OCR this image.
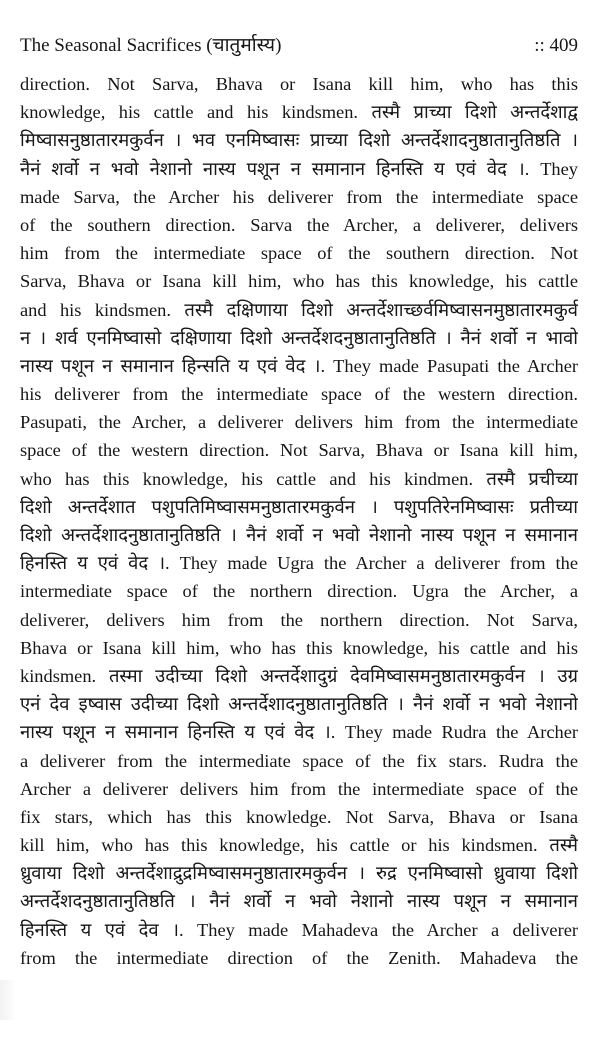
The Seasonal Sacrifices (चातुर्मास्य)	:: 409
direction. Not Sarva, Bhava or Isana kill him, who has this
knowledge, his cattle and his kindsmen. तस्मै प्राच्या दिशो अन्तर्देशाद्व
मिष्वासनुष्ठातारमकुर्वन । भव एनमिष्वासः प्राच्या दिशो अन्तर्देशादनुष्ठातानुतिष्ठति ।
नैनं शर्वो न भवो नेशानो नास्य पशून न समानान हिनस्ति य एवं वेद ।. They
made Sarva, the Archer his deliverer from the intermediate space
of the southern direction. Sarva the Archer, a deliverer, delivers
him from the intermediate space of the southern direction. Not
Sarva, Bhava or Isana kill him, who has this knowledge, his cattle
and his kindsmen. तस्मै दक्षिणाया दिशो अन्तर्देशाच्छर्वमिष्वासनमुष्ठातारमकुर्व
न । शर्व एनमिष्वासो दक्षिणाया दिशो अन्तर्देशदनुष्ठातानुतिष्ठति । नैनं शर्वो न भावो
नास्य पशून न समानान हिन्सति य एवं वेद ।. They made Pasupati the Archer
his deliverer from the intermediate space of the western direction.
Pasupati, the Archer, a deliverer delivers him from the intermediate
space of the western direction. Not Sarva, Bhava or Isana kill him,
who has this knowledge, his cattle and his kindmen. तस्मै प्रचीच्या
दिशो अन्तर्देशात पशुपतिमिष्वासमनुष्ठातारमकुर्वन । पशुपतिरेनमिष्वासः प्रतीच्या
दिशो अन्तर्देशादनुष्ठातानुतिष्ठति । नैनं शर्वो न भवो नेशानो नास्य पशून न समानान
हिनस्ति य एवं वेद ।. They made Ugra the Archer a deliverer from the
intermediate space of the northern direction. Ugra the Archer, a
deliverer, delivers him from the northern direction. Not Sarva,
Bhava or Isana kill him, who has this knowledge, his cattle and his
kindsmen. तस्मा उदीच्या दिशो अन्तर्देशादुग्रं देवमिष्वासमनुष्ठातारमकुर्वन । उग्र
एनं देव इष्वास उदीच्या दिशो अन्तर्देशादनुष्ठातानुतिष्ठति । नैनं शर्वो न भवो नेशानो
नास्य पशून न समानान हिनस्ति य एवं वेद ।. They made Rudra the Archer
a deliverer from the intermediate space of the fix stars. Rudra the
Archer a deliverer delivers him from the intermediate space of the
fix stars, which has this knowledge. Not Sarva, Bhava or Isana
kill him, who has this knowledge, his cattle or his kindsmen. तस्मै
ध्रुवाया दिशो अन्तर्देशाद्रुद्रमिष्वासमनुष्ठातारमकुर्वन । रुद्र एनमिष्वासो ध्रुवाया दिशो
अन्तर्देशदनुष्ठातानुतिष्ठति । नैनं शर्वो न भवो नेशानो नास्य पशून न समानान
हिनस्ति य एवं देव ।. They made Mahadeva the Archer a deliverer
from the intermediate direction of the Zenith. Mahadeva the
